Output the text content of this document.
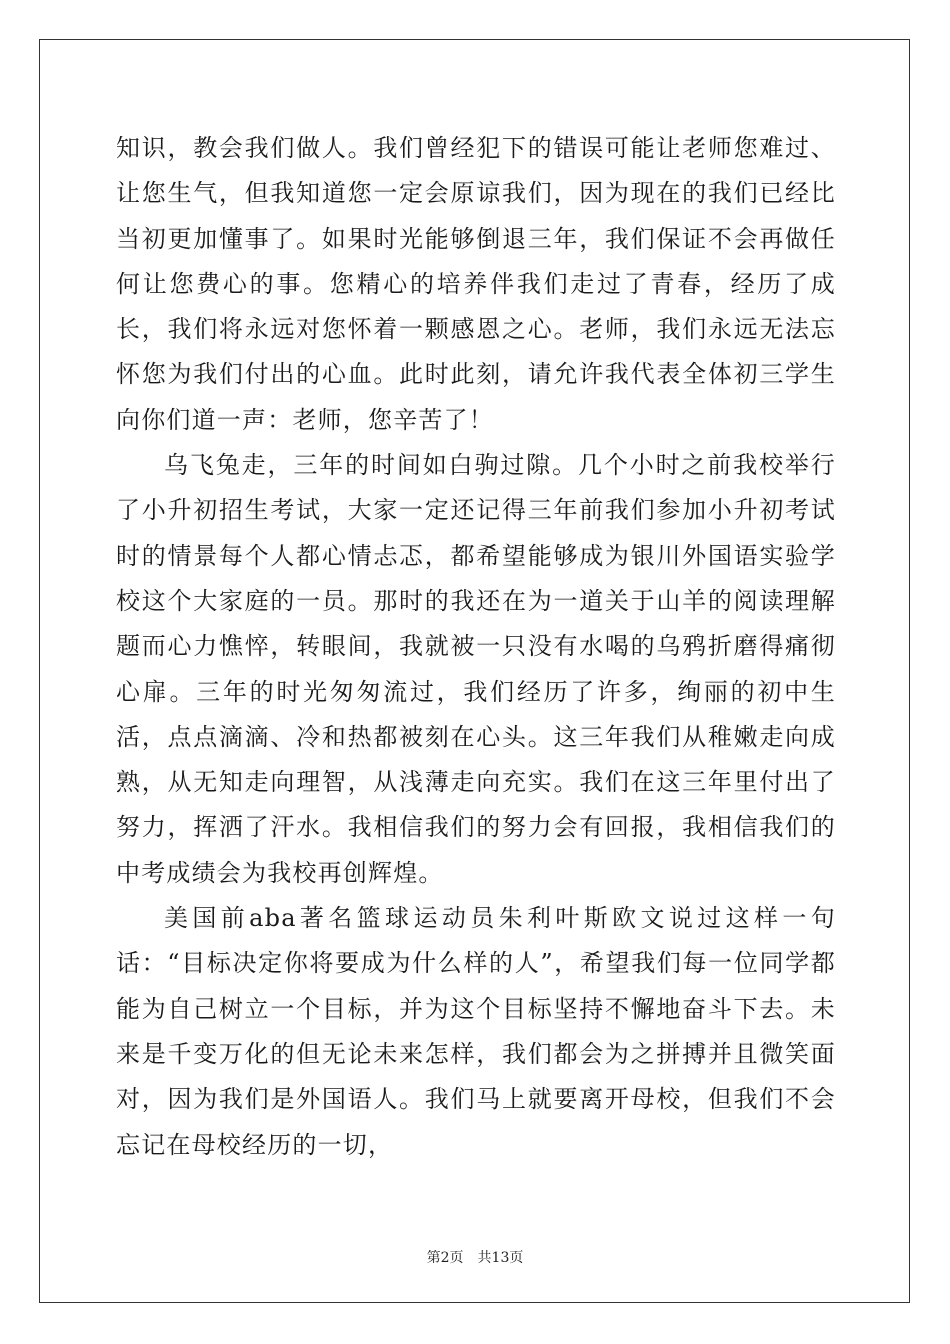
知识，教会我们做人。我们曾经犯下的错误可能让老师您难过、让您生气，但我知道您一定会原谅我们，因为现在的我们已经比当初更加懂事了。如果时光能够倒退三年，我们保证不会再做任何让您费心的事。您精心的培养伴我们走过了青春，经历了成长，我们将永远对您怀着一颗感恩之心。老师，我们永远无法忘怀您为我们付出的心血。此时此刻，请允许我代表全体初三学生向你们道一声：老师，您辛苦了！

乌飞兔走，三年的时间如白驹过隙。几个小时之前我校举行了小升初招生考试，大家一定还记得三年前我们参加小升初考试时的情景每个人都心情忐忑，都希望能够成为银川外国语实验学校这个大家庭的一员。那时的我还在为一道关于山羊的阅读理解题而心力憔悴，转眼间，我就被一只没有水喝的乌鸦折磨得痛彻心扉。三年的时光匆匆流过，我们经历了许多，绚丽的初中生活，点点滴滴、冷和热都被刻在心头。这三年我们从稚嫩走向成熟，从无知走向理智，从浅薄走向充实。我们在这三年里付出了努力，挥洒了汗水。我相信我们的努力会有回报，我相信我们的中考成绩会为我校再创辉煌。

美国前aba著名篮球运动员朱利叶斯欧文说过这样一句话：“目标决定你将要成为什么样的人”，希望我们每一位同学都能为自己树立一个目标，并为这个目标坚持不懈地奋斗下去。未来是千变万化的但无论未来怎样，我们都会为之拼搏并且微笑面对，因为我们是外国语人。我们马上就要离开母校，但我们不会忘记在母校经历的一切，

第2页 共13页
